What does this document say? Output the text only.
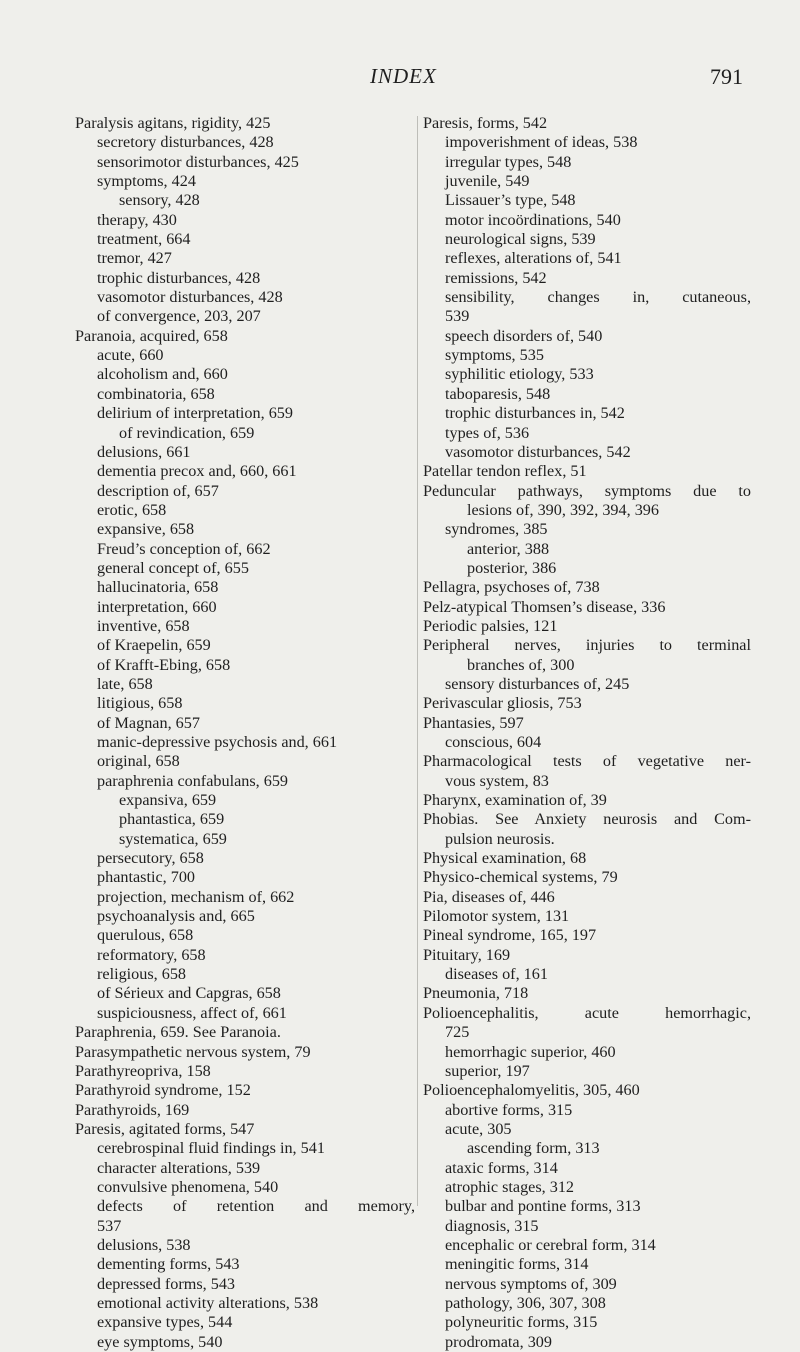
INDEX	791
Paralysis agitans, rigidity, 425
secretory disturbances, 428
sensorimotor disturbances, 425
symptoms, 424
sensory, 428
therapy, 430
treatment, 664
tremor, 427
trophic disturbances, 428
vasomotor disturbances, 428
of convergence, 203, 207
Paranoia, acquired, 658
acute, 660
alcoholism and, 660
combinatoria, 658
delirium of interpretation, 659
of revindication, 659
delusions, 661
dementia precox and, 660, 661
description of, 657
erotic, 658
expansive, 658
Freud’s conception of, 662
general concept of, 655
hallucinatoria, 658
interpretation, 660
inventive, 658
of Kraepelin, 659
of Krafft-Ebing, 658
late, 658
litigious, 658
of Magnan, 657
manic-depressive psychosis and, 661
original, 658
paraphrenia confabulans, 659
expansiva, 659
phantastica, 659
systematica, 659
persecutory, 658
phantastic, 700
projection, mechanism of, 662
psychoanalysis and, 665
querulous, 658
reformatory, 658
religious, 658
of Sérieux and Capgras, 658
suspiciousness, affect of, 661
Paraphrenia, 659. See Paranoia.
Parasympathetic nervous system, 79
Parathyreopriva, 158
Parathyroid syndrome, 152
Parathyroids, 169
Paresis, agitated forms, 547
cerebrospinal fluid findings in, 541
character alterations, 539
convulsive phenomena, 540
defects of retention and memory,
537
delusions, 538
dementing forms, 543
depressed forms, 543
emotional activity alterations, 538
expansive types, 544
eye symptoms, 540
Paresis, forms, 542
impoverishment of ideas, 538
irregular types, 548
juvenile, 549
Lissauer’s type, 548
motor incoördinations, 540
neurological signs, 539
reflexes, alterations of, 541
remissions, 542
sensibility, changes in, cutaneous,
539
speech disorders of, 540
symptoms, 535
syphilitic etiology, 533
taboparesis, 548
trophic disturbances in, 542
types of, 536
vasomotor disturbances, 542
Patellar tendon reflex, 51
Peduncular pathways, symptoms due to
lesions of, 390, 392, 394, 396
syndromes, 385
anterior, 388
posterior, 386
Pellagra, psychoses of, 738
Pelz-atypical Thomsen’s disease, 336
Periodic palsies, 121
Peripheral nerves, injuries to terminal
branches of, 300
sensory disturbances of, 245
Perivascular gliosis, 753
Phantasies, 597
conscious, 604
Pharmacological tests of vegetative ner-
vous system, 83
Pharynx, examination of, 39
Phobias. See Anxiety neurosis and Com-
pulsion neurosis.
Physical examination, 68
Physico-chemical systems, 79
Pia, diseases of, 446
Pilomotor system, 131
Pineal syndrome, 165, 197
Pituitary, 169
diseases of, 161
Pneumonia, 718
Polioencephalitis, acute hemorrhagic,
725
hemorrhagic superior, 460
superior, 197
Polioencephalomyelitis, 305, 460
abortive forms, 315
acute, 305
ascending form, 313
ataxic forms, 314
atrophic stages, 312
bulbar and pontine forms, 313
diagnosis, 315
encephalic or cerebral form, 314
meningitic forms, 314
nervous symptoms of, 309
pathology, 306, 307, 308
polyneuritic forms, 315
prodromata, 309
